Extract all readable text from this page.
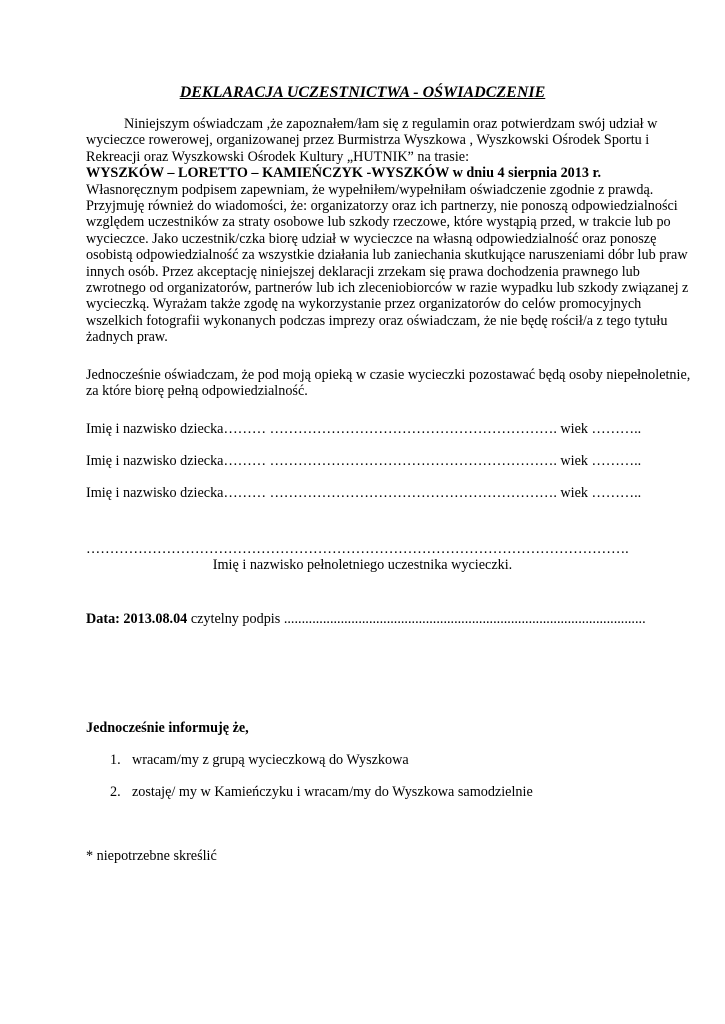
DEKLARACJA UCZESTNICTWA - OŚWIADCZENIE

Niniejszym oświadczam ,że zapoznałem/łam się z regulamin oraz potwierdzam swój udział w wycieczce rowerowej, organizowanej przez Burmistrza Wyszkowa , Wyszkowski Ośrodek Sportu i Rekreacji oraz Wyszkowski Ośrodek Kultury „HUTNIK” na trasie:
WYSZKÓW – LORETTO – KAMIEŃCZYK -WYSZKÓW w dniu 4 sierpnia 2013 r.
Własnoręcznym podpisem zapewniam, że wypełniłem/wypełniłam oświadczenie zgodnie z prawdą. Przyjmuję również do wiadomości, że: organizatorzy oraz ich partnerzy, nie ponoszą odpowiedzialności względem uczestników za straty osobowe lub szkody rzeczowe, które wystąpią przed, w trakcie lub po wycieczce. Jako uczestnik/czka biorę udział w wycieczce na własną odpowiedzialność oraz ponoszę osobistą odpowiedzialność za wszystkie działania lub zaniechania skutkujące naruszeniami dóbr lub praw innych osób. Przez akceptację niniejszej deklaracji zrzekam się prawa dochodzenia prawnego lub zwrotnego od organizatorów, partnerów lub ich zleceniobiorców w razie wypadku lub szkody związanej z wycieczką. Wyrażam także zgodę na wykorzystanie przez organizatorów do celów promocyjnych wszelkich fotografii wykonanych podczas imprezy oraz oświadczam, że nie będę rościł/a z tego tytułu żadnych praw.

Jednocześnie oświadczam, że pod moją opieką w czasie wycieczki pozostawać będą osoby niepełnoletnie, za które biorę pełną odpowiedzialność.

Imię i nazwisko dziecka……… ……………………………………………………. wiek ………..
Imię i nazwisko dziecka……… ……………………………………………………. wiek ………..
Imię i nazwisko dziecka……… ……………………………………………………. wiek ………..
…………………………………………………………………………………………………….
Imię i nazwisko pełnoletniego uczestnika wycieczki.
Data: 2013.08.04 czytelny podpis ......................................................................................................
Jednocześnie informuję że,
1. wracam/my z grupą wycieczkową do Wyszkowa
2. zostaję/ my w Kamieńczyku i wracam/my do Wyszkowa samodzielnie
* niepotrzebne skreślić
